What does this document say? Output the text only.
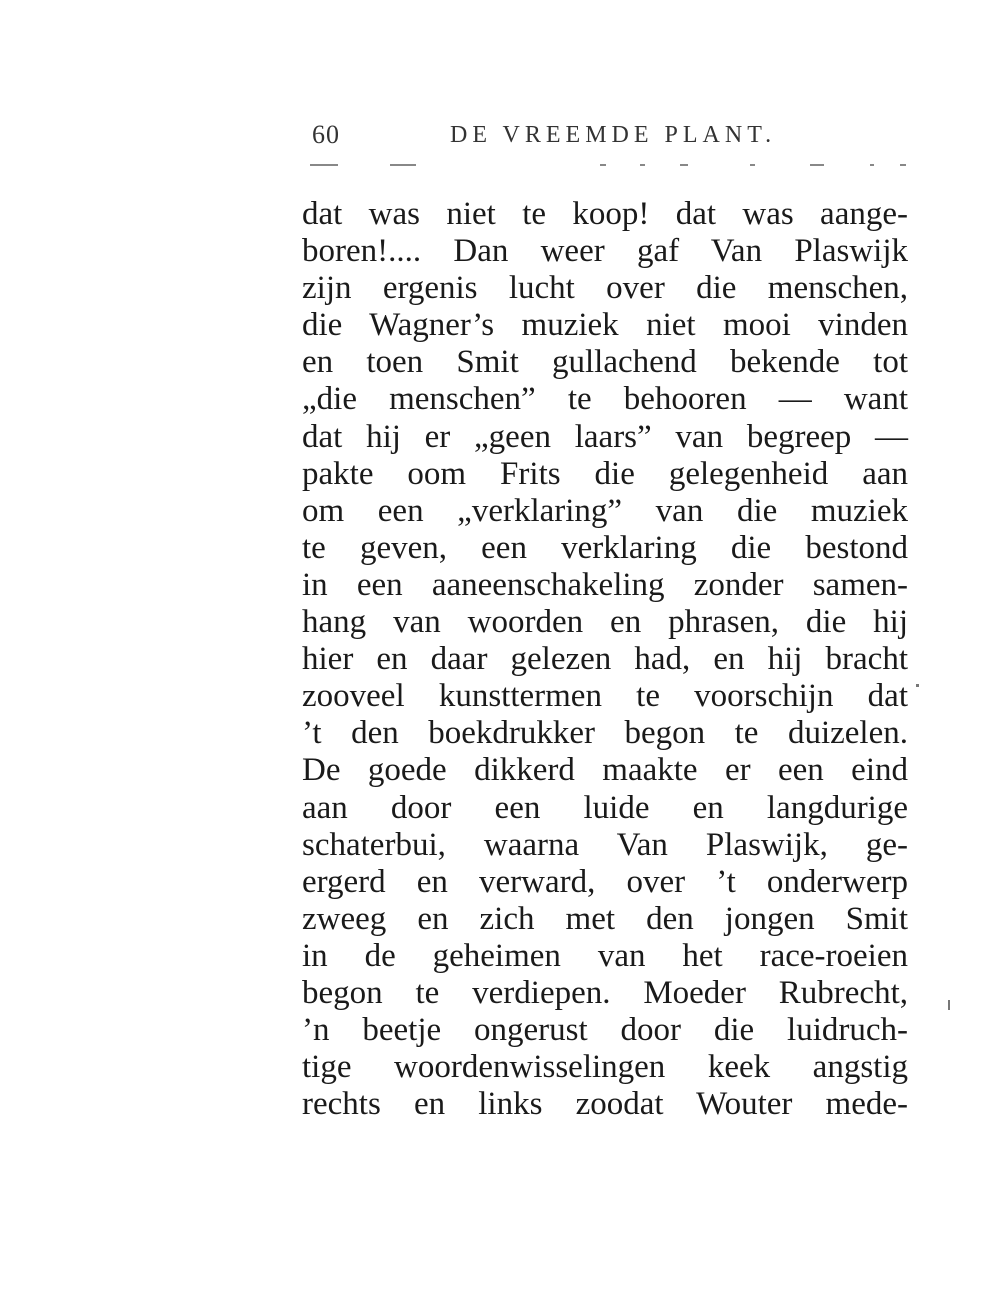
60	DE VREEMDE PLANT.
dat was niet te koop! dat was aange-
boren!.... Dan weer gaf Van Plaswijk
zijn ergenis lucht over die menschen,
die Wagner’s muziek niet mooi vinden
en toen Smit gullachend bekende tot
„die menschen” te behooren — want
dat hij er „geen laars” van begreep —
pakte oom Frits die gelegenheid aan
om een „verklaring” van die muziek
te geven, een verklaring die bestond
in een aaneenschakeling zonder samen-
hang van woorden en phrasen, die hij
hier en daar gelezen had, en hij bracht
zooveel kunsttermen te voorschijn dat
’t den boekdrukker begon te duizelen.
De goede dikkerd maakte er een eind
aan door een luide en langdurige
schaterbui, waarna Van Plaswijk, ge-
ergerd en verward, over ’t onderwerp
zweeg en zich met den jongen Smit
in de geheimen van het race-roeien
begon te verdiepen. Moeder Rubrecht,
’n beetje ongerust door die luidruch-
tige woordenwisselingen keek angstig
rechts en links zoodat Wouter mede-
